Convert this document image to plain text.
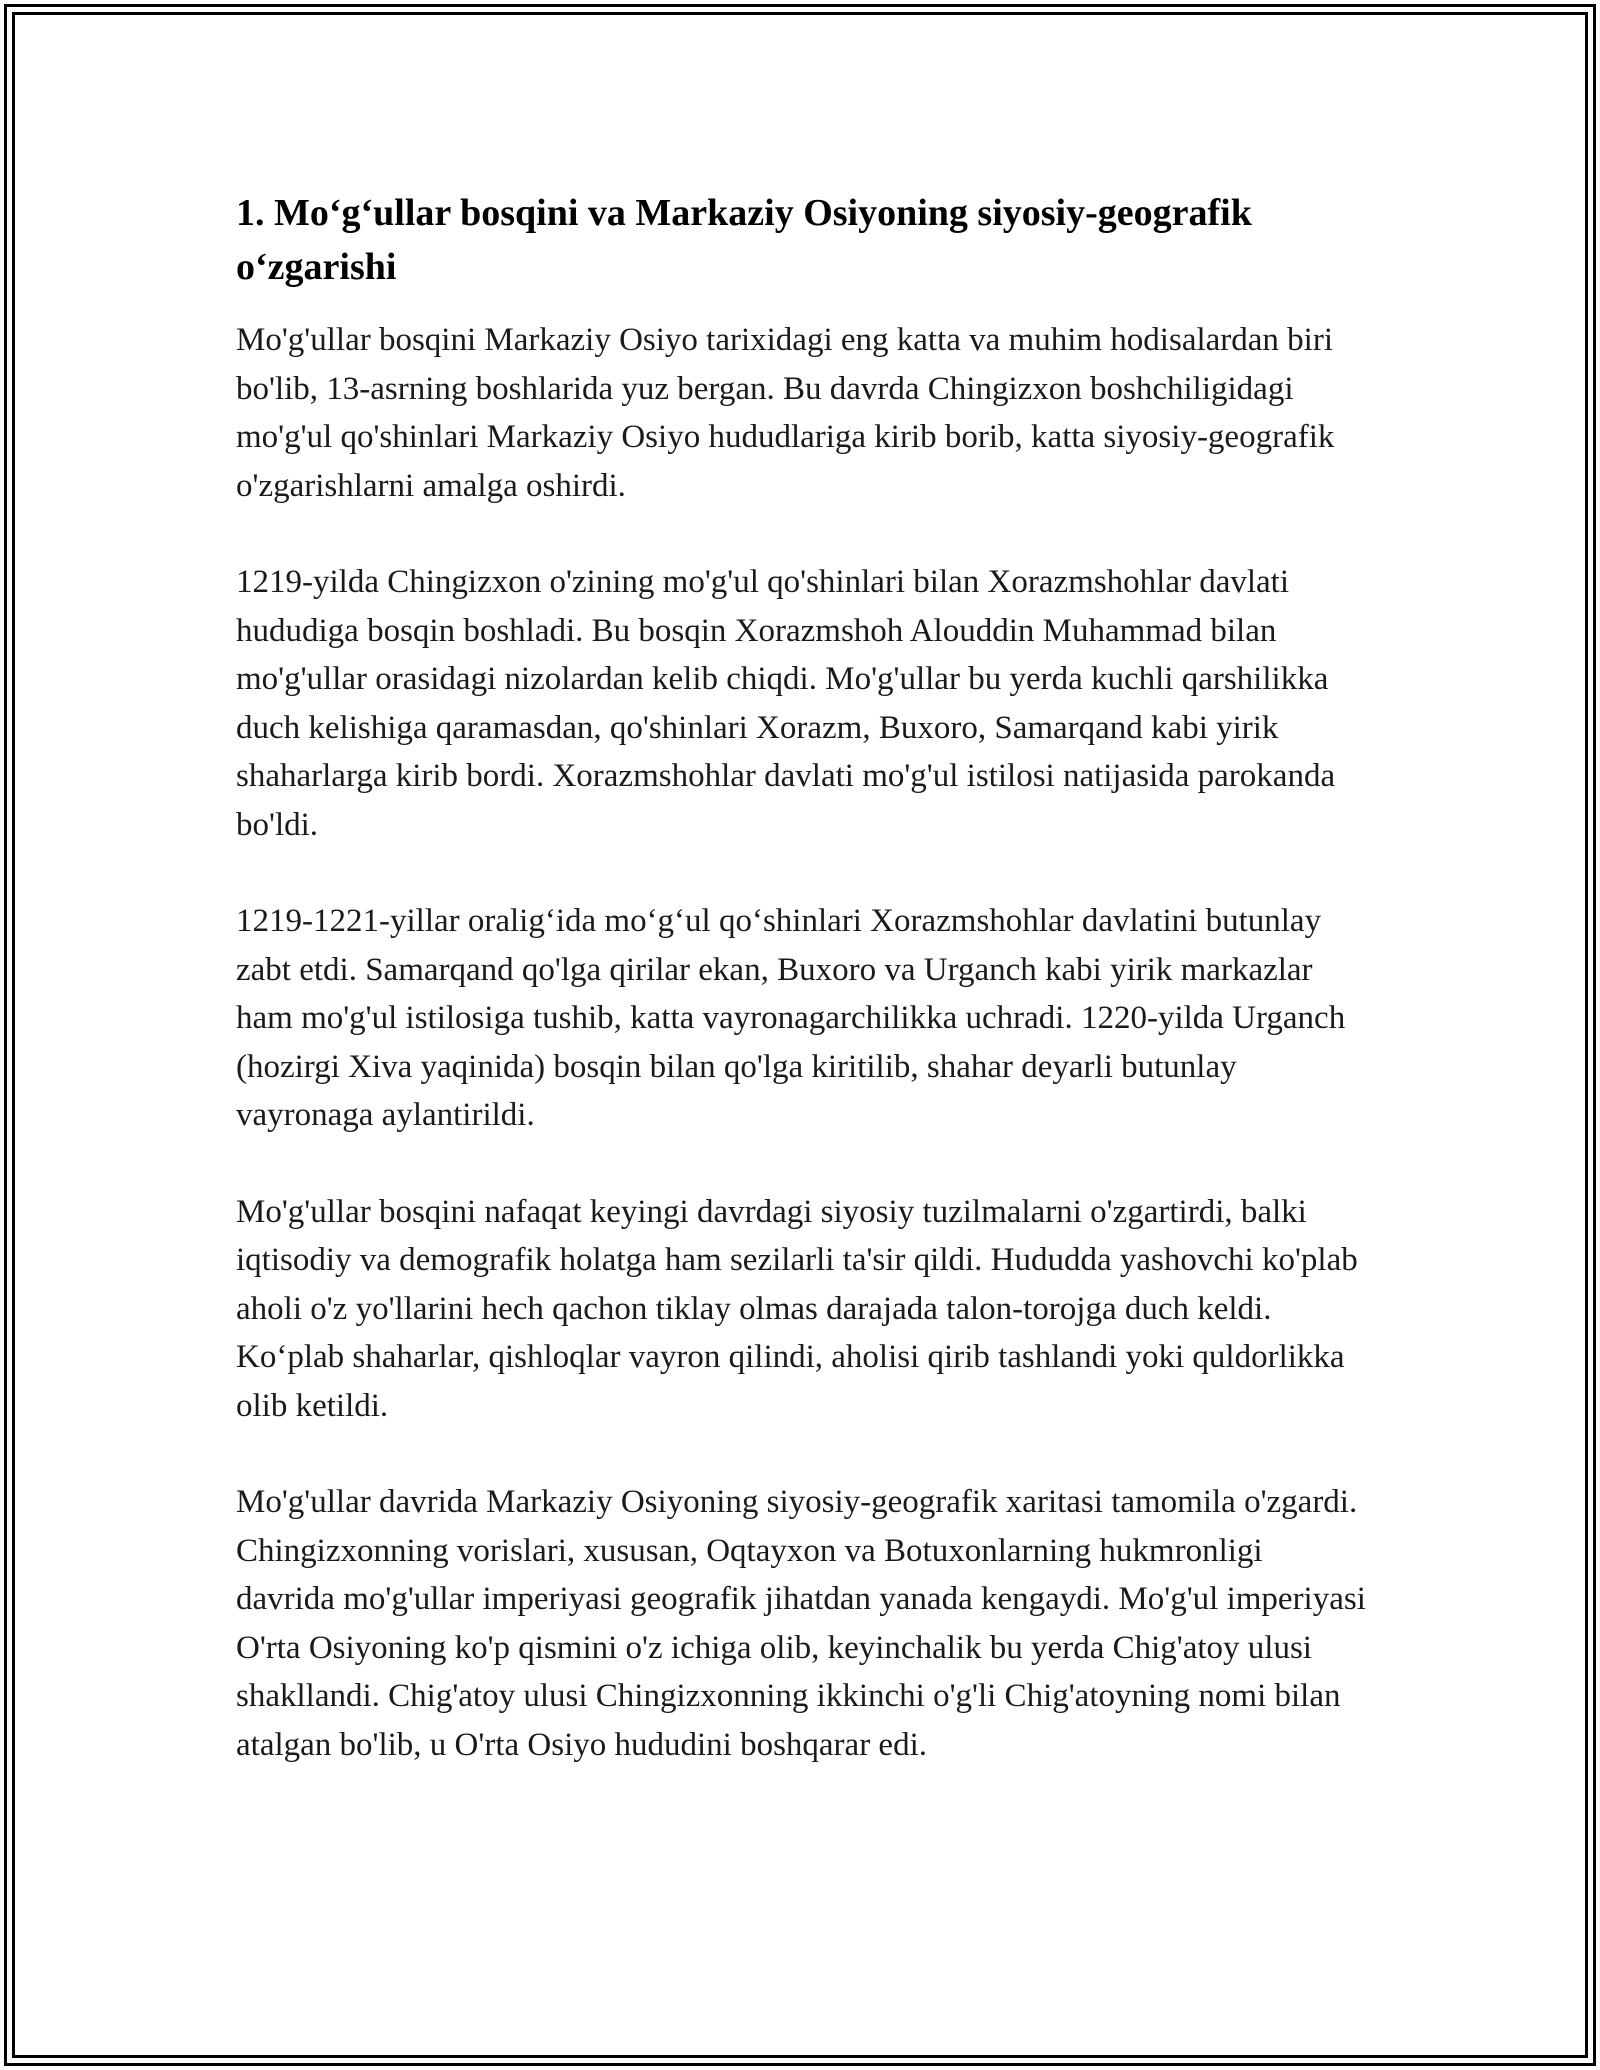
1. Mo‘g‘ullar bosqini va Markaziy Osiyoning siyosiy-geografik o‘zgarishi

Mo'g'ullar bosqini Markaziy Osiyo tarixidagi eng katta va muhim hodisalardan biri bo'lib, 13-asrning boshlarida yuz bergan. Bu davrda Chingizxon boshchiligidagi mo'g'ul qo'shinlari Markaziy Osiyo hududlariga kirib borib, katta siyosiy-geografik o'zgarishlarni amalga oshirdi.

1219-yilda Chingizxon o'zining mo'g'ul qo'shinlari bilan Xorazmshohlar davlati hududiga bosqin boshladi. Bu bosqin Xorazmshoh Alouddin Muhammad bilan mo'g'ullar orasidagi nizolardan kelib chiqdi. Mo'g'ullar bu yerda kuchli qarshilikka duch kelishiga qaramasdan, qo'shinlari Xorazm, Buxoro, Samarqand kabi yirik shaharlarga kirib bordi. Xorazmshohlar davlati mo'g'ul istilosi natijasida parokanda bo'ldi.

1219-1221-yillar oralig‘ida mo‘g‘ul qo‘shinlari Xorazmshohlar davlatini butunlay zabt etdi. Samarqand qo'lga qirilar ekan, Buxoro va Urganch kabi yirik markazlar ham mo'g'ul istilosiga tushib, katta vayronagarchilikka uchradi. 1220-yilda Urganch (hozirgi Xiva yaqinida) bosqin bilan qo'lga kiritilib, shahar deyarli butunlay vayronaga aylantirildi.

Mo'g'ullar bosqini nafaqat keyingi davrdagi siyosiy tuzilmalarni o'zgartirdi, balki iqtisodiy va demografik holatga ham sezilarli ta'sir qildi. Hududda yashovchi ko'plab aholi o'z yo'llarini hech qachon tiklay olmas darajada talon-torojga duch keldi. Ko‘plab shaharlar, qishloqlar vayron qilindi, aholisi qirib tashlandi yoki quldorlikka olib ketildi.

Mo'g'ullar davrida Markaziy Osiyoning siyosiy-geografik xaritasi tamomila o'zgardi. Chingizxonning vorislari, xususan, Oqtayxon va Botuxonlarning hukmronligi davrida mo'g'ullar imperiyasi geografik jihatdan yanada kengaydi. Mo'g'ul imperiyasi O'rta Osiyoning ko'p qismini o'z ichiga olib, keyinchalik bu yerda Chig'atoy ulusi shakllandi. Chig'atoy ulusi Chingizxonning ikkinchi o'g'li Chig'atoyning nomi bilan atalgan bo'lib, u O'rta Osiyo hududini boshqarar edi.
